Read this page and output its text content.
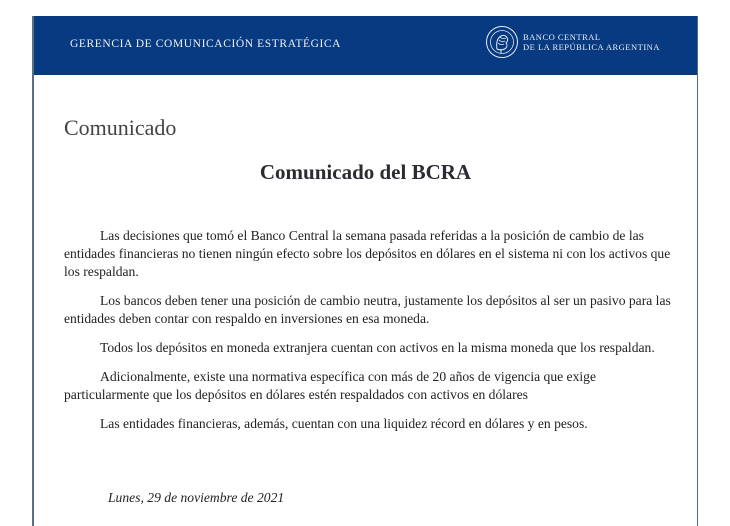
GERENCIA DE COMUNICACIÓN ESTRATÉGICA
BANCO CENTRAL
DE LA REPÚBLICA ARGENTINA
Comunicado
Comunicado del BCRA

Las decisiones que tomó el Banco Central la semana pasada referidas a la posición de cambio de las entidades financieras no tienen ningún efecto sobre los depósitos en dólares en el sistema ni con los activos que los respaldan.

Los bancos deben tener una posición de cambio neutra, justamente los depósitos al ser un pasivo para las entidades deben contar con respaldo en inversiones en esa moneda.

Todos los depósitos en moneda extranjera cuentan con activos en la misma moneda que los respaldan.

Adicionalmente, existe una normativa específica con más de 20 años de vigencia que exige particularmente que los depósitos en dólares estén respaldados con activos en dólares

Las entidades financieras, además, cuentan con una liquidez récord en dólares y en pesos.

Lunes, 29 de noviembre de 2021
